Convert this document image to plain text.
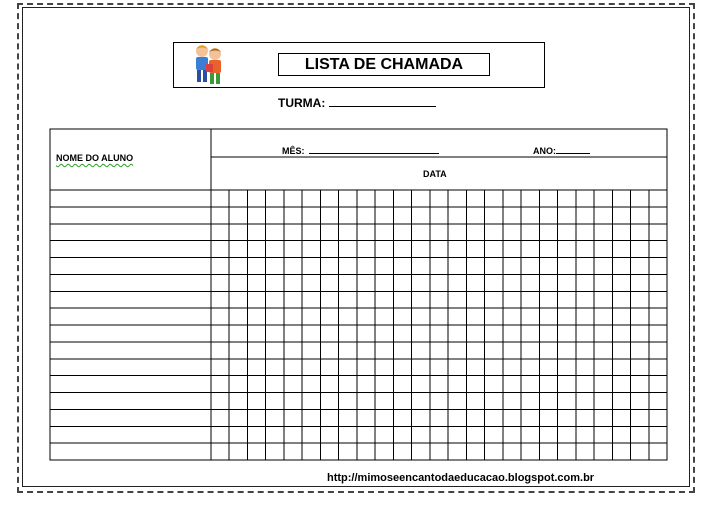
LISTA DE CHAMADA
TURMA:
NOME DO ALUNO
MÊS:	ANO:
DATA
http://mimoseencantodaeducacao.blogspot.com.br
